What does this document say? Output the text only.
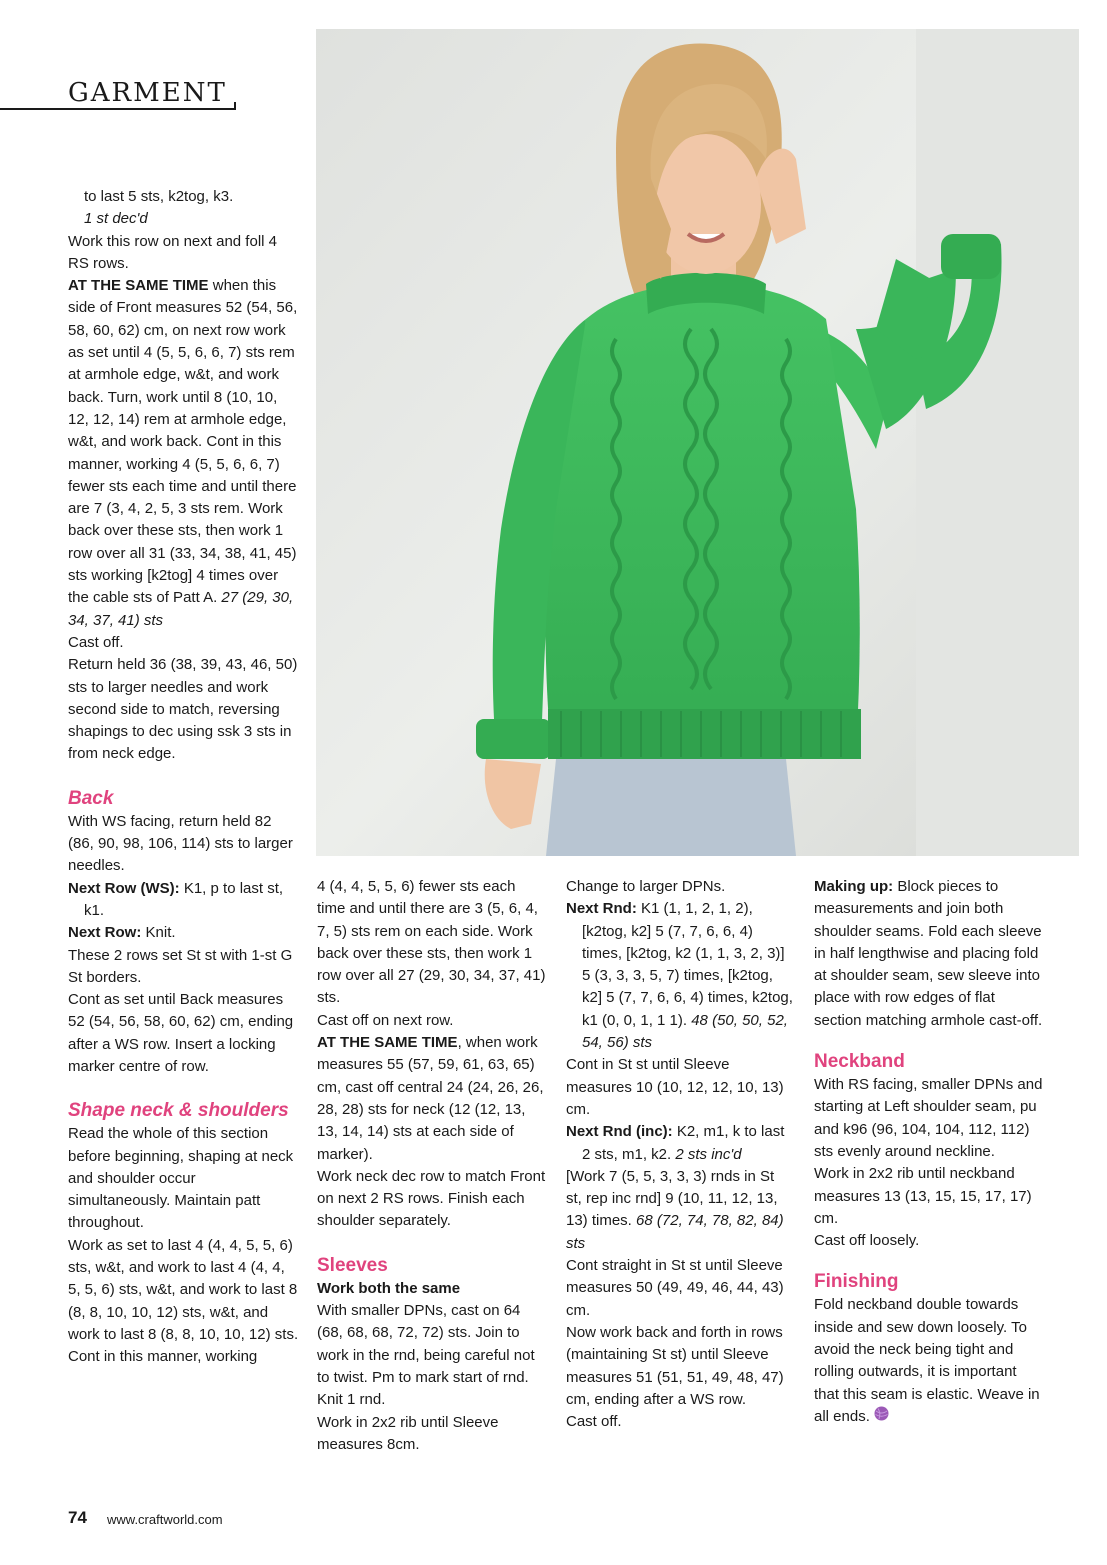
GARMENT

to last 5 sts, k2tog, k3.

1 st dec'd

Work this row on next and foll 4 RS rows.

AT THE SAME TIME when this side of Front measures 52 (54, 56, 58, 60, 62) cm, on next row work as set until 4 (5, 5, 6, 6, 7) sts rem at armhole edge, w&t, and work back. Turn, work until 8 (10, 10, 12, 12, 14) rem at armhole edge, w&t, and work back. Cont in this manner, working 4 (5, 5, 6, 6, 7) fewer sts each time and until there are 7 (3, 4, 2, 5, 3 sts rem. Work back over these sts, then work 1 row over all 31 (33, 34, 38, 41, 45) sts working [k2tog] 4 times over the cable sts of Patt A. 27 (29, 30, 34, 37, 41) sts

Cast off.

Return held 36 (38, 39, 43, 46, 50) sts to larger needles and work second side to match, reversing shapings to dec using ssk 3 sts in from neck edge.

Back

With WS facing, return held 82 (86, 90, 98, 106, 114) sts to larger needles.

Next Row (WS): K1, p to last st, k1.

Next Row: Knit.

These 2 rows set St st with 1-st G St borders.

Cont as set until Back measures 52 (54, 56, 58, 60, 62) cm, ending after a WS row. Insert a locking marker centre of row.

Shape neck & shoulders

Read the whole of this section before beginning, shaping at neck and shoulder occur simultaneously. Maintain patt throughout.

Work as set to last 4 (4, 4, 5, 5, 6) sts, w&t, and work to last 4 (4, 4, 5, 5, 6) sts, w&t, and work to last 8 (8, 8, 10, 10, 12) sts, w&t, and work to last 8 (8, 8, 10, 10, 12) sts. Cont in this manner, working

4 (4, 4, 5, 5, 6) fewer sts each time and until there are 3 (5, 6, 4, 7, 5) sts rem on each side. Work back over these sts, then work 1 row over all 27 (29, 30, 34, 37, 41) sts.

Cast off on next row.

AT THE SAME TIME, when work measures 55 (57, 59, 61, 63, 65) cm, cast off central 24 (24, 26, 26, 28, 28) sts for neck (12 (12, 13, 13, 14, 14) sts at each side of marker).

Work neck dec row to match Front on next 2 RS rows. Finish each shoulder separately.

Sleeves

Work both the same

With smaller DPNs, cast on 64 (68, 68, 68, 72, 72) sts. Join to work in the rnd, being careful not to twist. Pm to mark start of rnd.

Knit 1 rnd.

Work in 2x2 rib until Sleeve measures 8cm.

Change to larger DPNs.

Next Rnd: K1 (1, 1, 2, 1, 2), [k2tog, k2] 5 (7, 7, 6, 6, 4) times, [k2tog, k2 (1, 1, 3, 2, 3)] 5 (3, 3, 3, 5, 7) times, [k2tog, k2] 5 (7, 7, 6, 6, 4) times, k2tog, k1 (0, 0, 1, 1 1). 48 (50, 50, 52, 54, 56) sts

Cont in St st until Sleeve measures 10 (10, 12, 12, 10, 13) cm.

Next Rnd (inc): K2, m1, k to last 2 sts, m1, k2. 2 sts inc'd

[Work 7 (5, 5, 3, 3, 3) rnds in St st, rep inc rnd] 9 (10, 11, 12, 13, 13) times. 68 (72, 74, 78, 82, 84) sts

Cont straight in St st until Sleeve measures 50 (49, 49, 46, 44, 43) cm.

Now work back and forth in rows (maintaining St st) until Sleeve measures 51 (51, 51, 49, 48, 47) cm, ending after a WS row.

Cast off.

Making up: Block pieces to measurements and join both shoulder seams. Fold each sleeve in half lengthwise and placing fold at shoulder seam, sew sleeve into place with row edges of flat section matching armhole cast-off.

Neckband

With RS facing, smaller DPNs and starting at Left shoulder seam, pu and k96 (96, 104, 104, 112, 112) sts evenly around neckline.

Work in 2x2 rib until neckband measures 13 (13, 15, 15, 17, 17) cm.

Cast off loosely.

Finishing

Fold neckband double towards inside and sew down loosely. To avoid the neck being tight and rolling outwards, it is important that this seam is elastic. Weave in all ends.

74 www.craftworld.com
